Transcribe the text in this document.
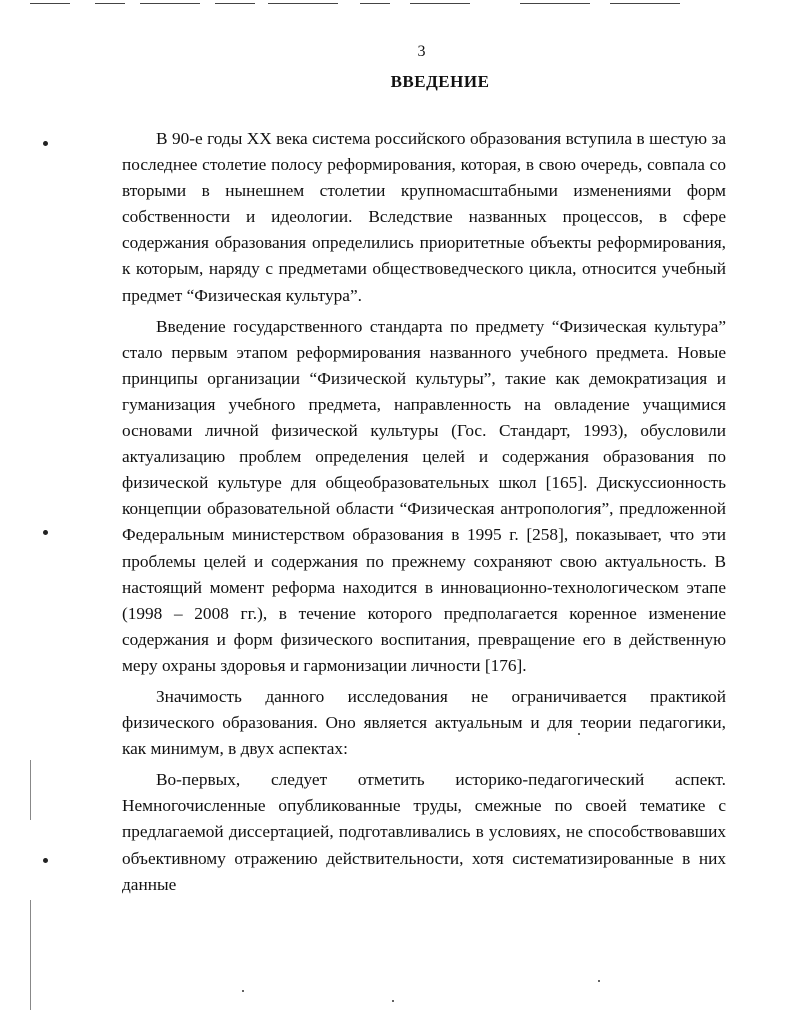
3
ВВЕДЕНИЕ

В 90-е годы XX века система российского образования вступила в шестую за последнее столетие полосу реформирования, которая, в свою очередь, совпала со вторыми в нынешнем столетии крупномасштабными изменениями форм собственности и идеологии. Вследствие названных процессов, в сфере содержания образования определились приоритетные объекты реформирования, к которым, наряду с предметами обществоведческого цикла, относится учебный предмет “Физическая культура”.

Введение государственного стандарта по предмету “Физическая культура” стало первым этапом реформирования названного учебного предмета. Новые принципы организации “Физической культуры”, такие как демократизация и гуманизация учебного предмета, направленность на овладение учащимися основами личной физической культуры (Гос. Стандарт, 1993), обусловили актуализацию проблем определения целей и содержания образования по физической культуре для общеобразовательных школ [165]. Дискуссионность концепции образовательной области “Физическая антропология”, предложенной Федеральным министерством образования в 1995 г. [258], показывает, что эти проблемы целей и содержания по прежнему сохраняют свою актуальность. В настоящий момент реформа находится в инновационно-технологическом этапе (1998 – 2008 гг.), в течение которого предполагается коренное изменение содержания и форм физического воспитания, превращение его в действенную меру охраны здоровья и гармонизации личности [176].

Значимость данного исследования не ограничивается практикой физического образования. Оно является актуальным и для теории педагогики, как минимум, в двух аспектах:

Во-первых, следует отметить историко-педагогический аспект. Немногочисленные опубликованные труды, смежные по своей тематике с предлагаемой диссертацией, подготавливались в условиях, не способствовавших объективному отражению действительности, хотя систематизированные в них данные
